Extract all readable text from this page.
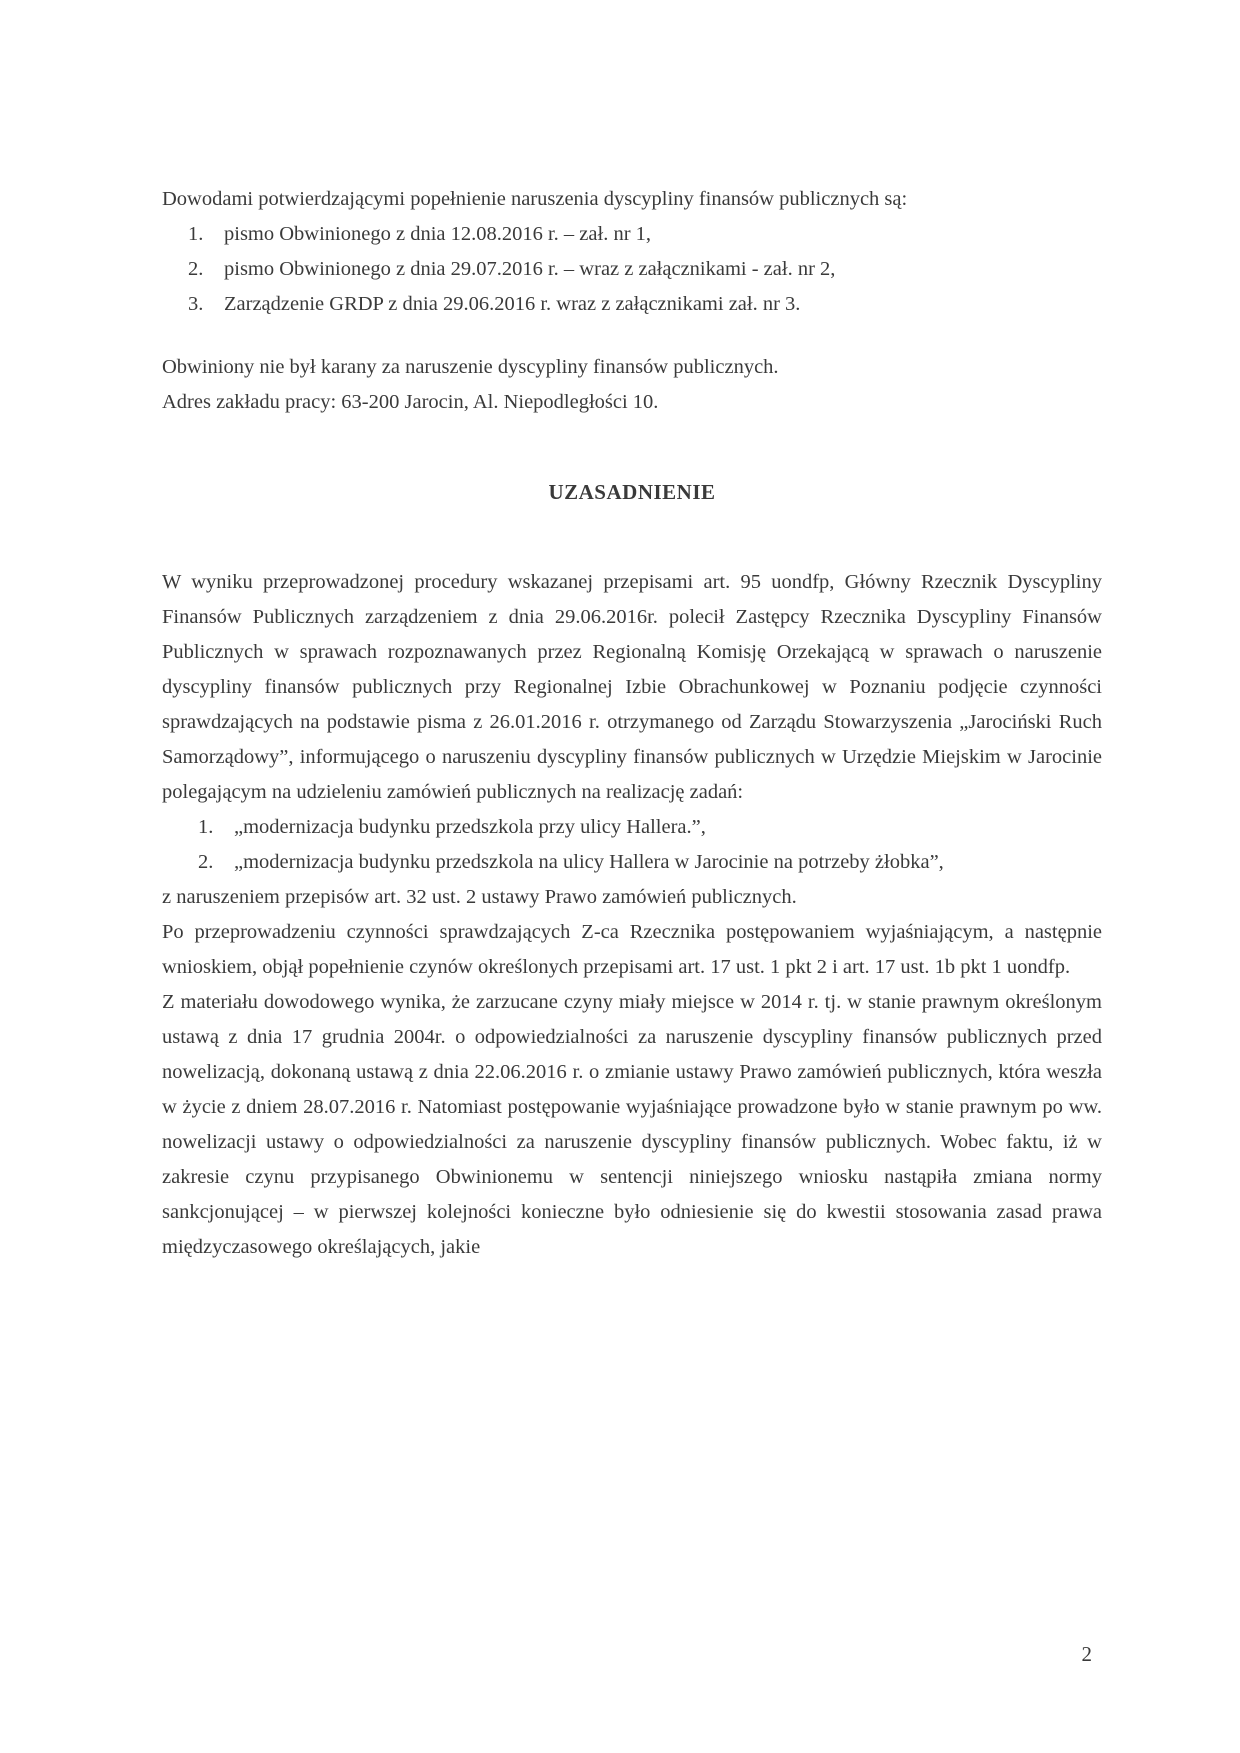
Dowodami potwierdzającymi popełnienie naruszenia dyscypliny finansów publicznych są:

1.	pismo Obwinionego z dnia 12.08.2016 r. – zał. nr 1,
2.	pismo Obwinionego z dnia 29.07.2016 r. – wraz z załącznikami - zał. nr 2,
3.	Zarządzenie GRDP z dnia 29.06.2016 r. wraz z załącznikami zał. nr 3.

Obwiniony nie był karany za naruszenie dyscypliny finansów publicznych.

Adres zakładu pracy: 63-200 Jarocin, Al. Niepodległości 10.

UZASADNIENIE

W wyniku przeprowadzonej procedury wskazanej przepisami art. 95 uondfp, Główny Rzecznik Dyscypliny Finansów Publicznych zarządzeniem z dnia 29.06.2016r. polecił Zastępcy Rzecznika Dyscypliny Finansów Publicznych w sprawach rozpoznawanych przez Regionalną Komisję Orzekającą w sprawach o naruszenie dyscypliny finansów publicznych przy Regionalnej Izbie Obrachunkowej w Poznaniu podjęcie czynności sprawdzających na podstawie pisma z 26.01.2016 r. otrzymanego od Zarządu Stowarzyszenia „Jarociński Ruch Samorządowy”, informującego o naruszeniu dyscypliny finansów publicznych w Urzędzie Miejskim w Jarocinie polegającym na udzieleniu zamówień publicznych na realizację zadań:

1.	„modernizacja budynku przedszkola przy ulicy Hallera.”,
2.	„modernizacja budynku przedszkola na ulicy Hallera w Jarocinie na potrzeby żłobka”,

z naruszeniem przepisów art. 32 ust. 2 ustawy Prawo zamówień publicznych.

Po przeprowadzeniu czynności sprawdzających Z-ca Rzecznika postępowaniem wyjaśniającym, a następnie wnioskiem, objął popełnienie czynów określonych przepisami art. 17 ust. 1 pkt 2 i art. 17 ust. 1b pkt 1 uondfp.

Z materiału dowodowego wynika, że zarzucane czyny miały miejsce w 2014 r. tj. w stanie prawnym określonym ustawą z dnia 17 grudnia 2004r. o odpowiedzialności za naruszenie dyscypliny finansów publicznych przed nowelizacją, dokonaną ustawą z dnia 22.06.2016 r. o zmianie ustawy Prawo zamówień publicznych, która weszła w życie z dniem 28.07.2016 r. Natomiast postępowanie wyjaśniające prowadzone było w stanie prawnym po ww. nowelizacji ustawy o odpowiedzialności za naruszenie dyscypliny finansów publicznych. Wobec faktu, iż w zakresie czynu przypisanego Obwinionemu w sentencji niniejszego wniosku nastąpiła zmiana normy sankcjonującej – w pierwszej kolejności konieczne było odniesienie się do kwestii stosowania zasad prawa międzyczasowego określających, jakie

2
